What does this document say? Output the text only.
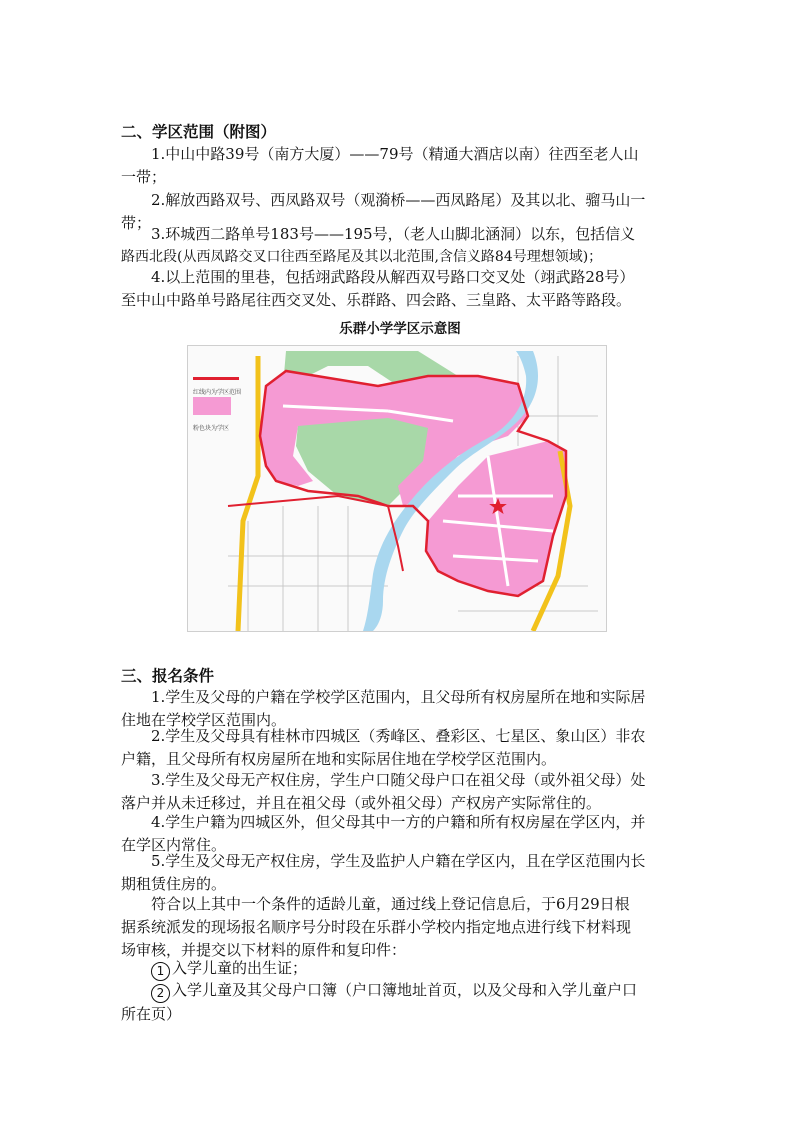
二、学区范围（附图）
1.中山中路39号（南方大厦）——79号（精通大酒店以南）往西至老人山
一带；
2.解放西路双号、西凤路双号（观漪桥——西凤路尾）及其以北、骝马山一
带；
3.环城西二路单号183号——195号，（老人山脚北涵洞）以东，包括信义
路西北段(从西凤路交叉口往西至路尾及其以北范围,含信义路84号理想领域)；
4.以上范围的里巷，包括翊武路段从解西双号路口交叉处（翊武路28号）
至中山中路单号路尾往西交叉处、乐群路、四会路、三皇路、太平路等路段。
乐群小学学区示意图
红线内为学区范围
粉色块为学区
三、报名条件
1.学生及父母的户籍在学校学区范围内，且父母所有权房屋所在地和实际居
住地在学校学区范围内。
2.学生及父母具有桂林市四城区（秀峰区、叠彩区、七星区、象山区）非农
户籍，且父母所有权房屋所在地和实际居住地在学校学区范围内。
3.学生及父母无产权住房，学生户口随父母户口在祖父母（或外祖父母）处
落户并从未迁移过，并且在祖父母（或外祖父母）产权房产实际常住的。
4.学生户籍为四城区外，但父母其中一方的户籍和所有权房屋在学区内，并
在学区内常住。
5.学生及父母无产权住房，学生及监护人户籍在学区内，且在学区范围内长
期租赁住房的。
符合以上其中一个条件的适龄儿童，通过线上登记信息后，于6月29日根
据系统派发的现场报名顺序号分时段在乐群小学校内指定地点进行线下材料现
场审核，并提交以下材料的原件和复印件：
1 入学儿童的出生证；
2 入学儿童及其父母户口簿（户口簿地址首页，以及父母和入学儿童户口
所在页）
